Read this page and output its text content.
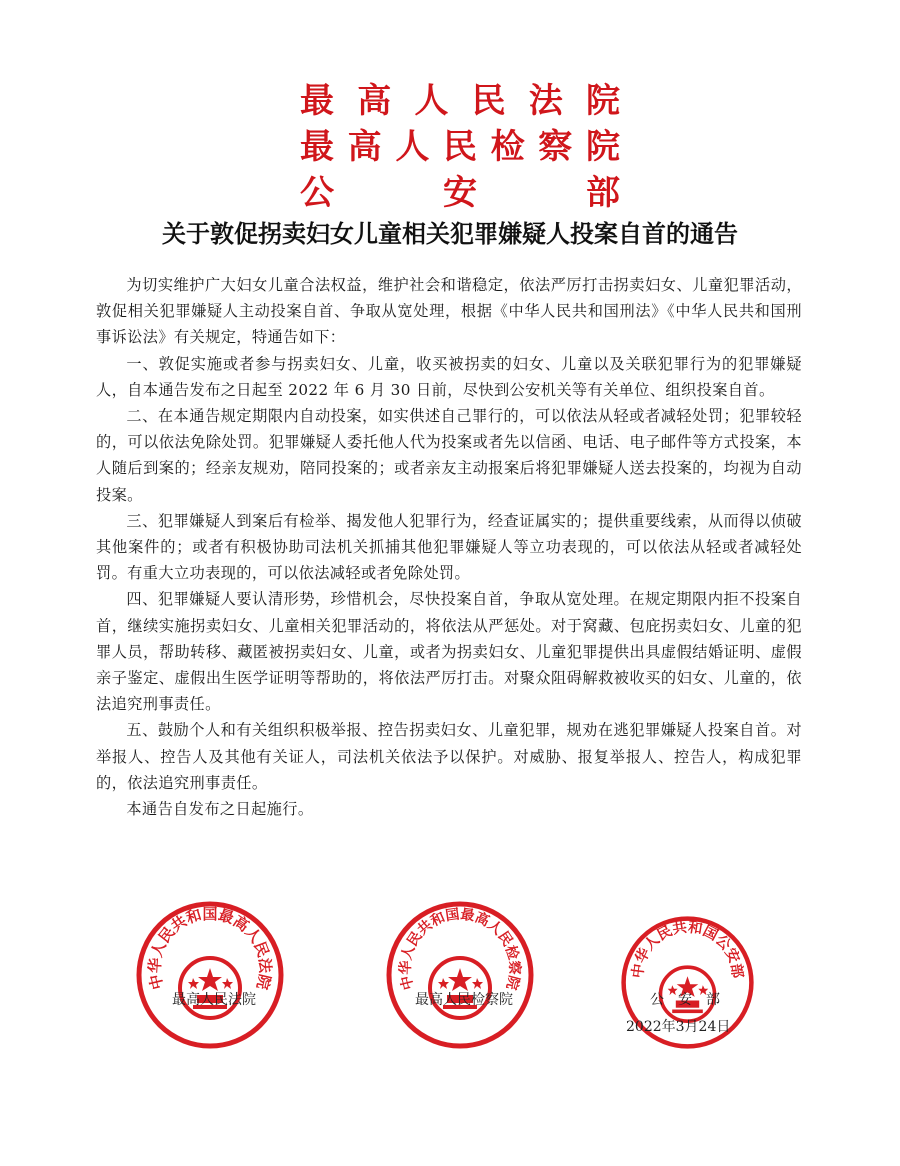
最 高 人 民 法 院
最 高 人 民 检 察 院
公	安	部
关于敦促拐卖妇女儿童相关犯罪嫌疑人投案自首的通告

为切实维护广大妇女儿童合法权益，维护社会和谐稳定，依法严厉打击拐卖妇女、儿童犯罪活动，敦促相关犯罪嫌疑人主动投案自首、争取从宽处理，根据《中华人民共和国刑法》《中华人民共和国刑事诉讼法》有关规定，特通告如下：

一、敦促实施或者参与拐卖妇女、儿童，收买被拐卖的妇女、儿童以及关联犯罪行为的犯罪嫌疑人，自本通告发布之日起至 2022 年 6 月 30 日前，尽快到公安机关等有关单位、组织投案自首。

二、在本通告规定期限内自动投案，如实供述自己罪行的，可以依法从轻或者减轻处罚；犯罪较轻的，可以依法免除处罚。犯罪嫌疑人委托他人代为投案或者先以信函、电话、电子邮件等方式投案，本人随后到案的；经亲友规劝，陪同投案的；或者亲友主动报案后将犯罪嫌疑人送去投案的，均视为自动投案。

三、犯罪嫌疑人到案后有检举、揭发他人犯罪行为，经查证属实的；提供重要线索，从而得以侦破其他案件的；或者有积极协助司法机关抓捕其他犯罪嫌疑人等立功表现的，可以依法从轻或者减轻处罚。有重大立功表现的，可以依法减轻或者免除处罚。

四、犯罪嫌疑人要认清形势，珍惜机会，尽快投案自首，争取从宽处理。在规定期限内拒不投案自首，继续实施拐卖妇女、儿童相关犯罪活动的，将依法从严惩处。对于窝藏、包庇拐卖妇女、儿童的犯罪人员，帮助转移、藏匿被拐卖妇女、儿童，或者为拐卖妇女、儿童犯罪提供出具虚假结婚证明、虚假亲子鉴定、虚假出生医学证明等帮助的，将依法严厉打击。对聚众阻碍解救被收买的妇女、儿童的，依法追究刑事责任。

五、鼓励个人和有关组织积极举报、控告拐卖妇女、儿童犯罪，规劝在逃犯罪嫌疑人投案自首。对举报人、控告人及其他有关证人，司法机关依法予以保护。对威胁、报复举报人、控告人，构成犯罪的，依法追究刑事责任。

本通告自发布之日起施行。

中华人民共和国最高人民法院	中华人民共和国最高人民检察院
中华人民共和国公安部
最高人民法院	最高人民检察院	公安部
2022年3月24日
